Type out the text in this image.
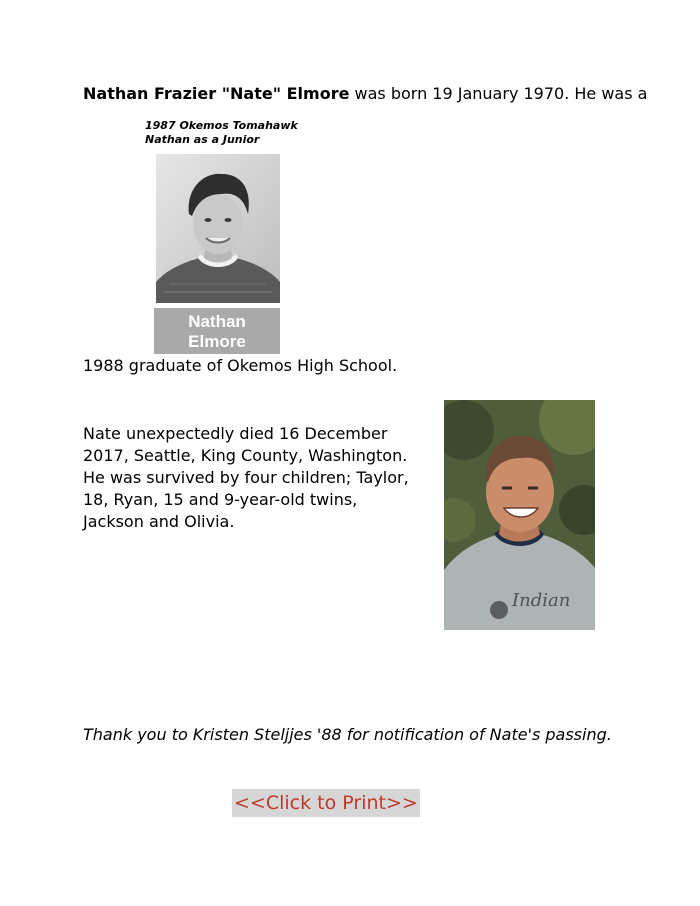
Nathan Frazier "Nate" Elmore was born 19 January 1970. He was a

1987 Okemos Tomahawk
Nathan as a Junior
Nathan
Elmore

1988 graduate of Okemos High School.

Nate unexpectedly died 16 December 2017, Seattle, King County, Washington. He was survived by four children; Taylor, 18, Ryan, 15 and 9-year-old twins, Jackson and Olivia.

Indian

Thank you to Kristen Steljjes '88 for notification of Nate's passing.

<<Click to Print>>
